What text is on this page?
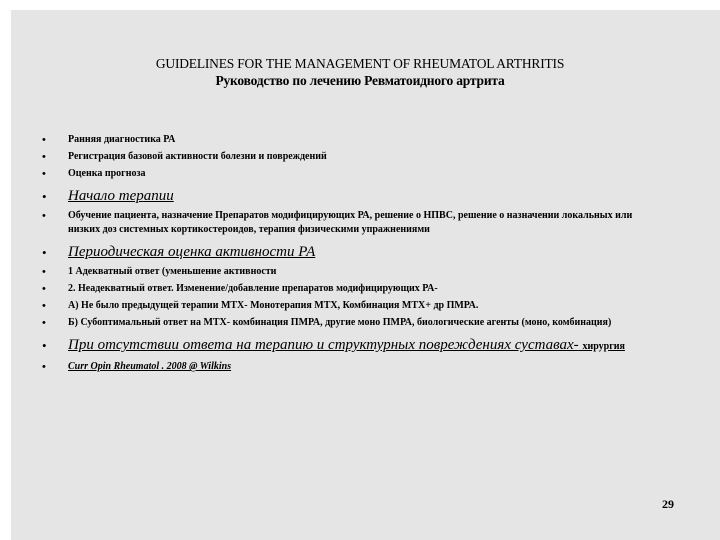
GUIDELINES FOR THE MANAGEMENT OF RHEUMATOL ARTHRITIS
Руководство по лечению Ревматоидного артрита
• Ранняя диагностика РА
• Регистрация базовой активности болезни и повреждений
• Оценка прогноза
• Начало терапии
• Обучение пациента, назначение Препаратов модифицирующих РА, решение о НПВС, решение о назначении локальных или низких доз системных кортикостероидов, терапия физическими упражнениями
• Периодическая оценка активности РА
• 1 Адекватный ответ (уменьшение активности
• 2. Неадекватный ответ. Изменение/добавление препаратов модифицирующих РА-
• А) Не было предыдущей терапии МТХ- Монотерапия МТХ, Комбинация МТХ+ др ПМРА.
• Б) Субоптимальный ответ на МТХ- комбинация ПМРА, другие моно ПМРА, биологические агенты (моно, комбинация)
• При отсутствии ответа на терапию и структурных повреждениях суставах- хирургия
• Curr Opin Rheumatol . 2008 @ Wilkins
29
